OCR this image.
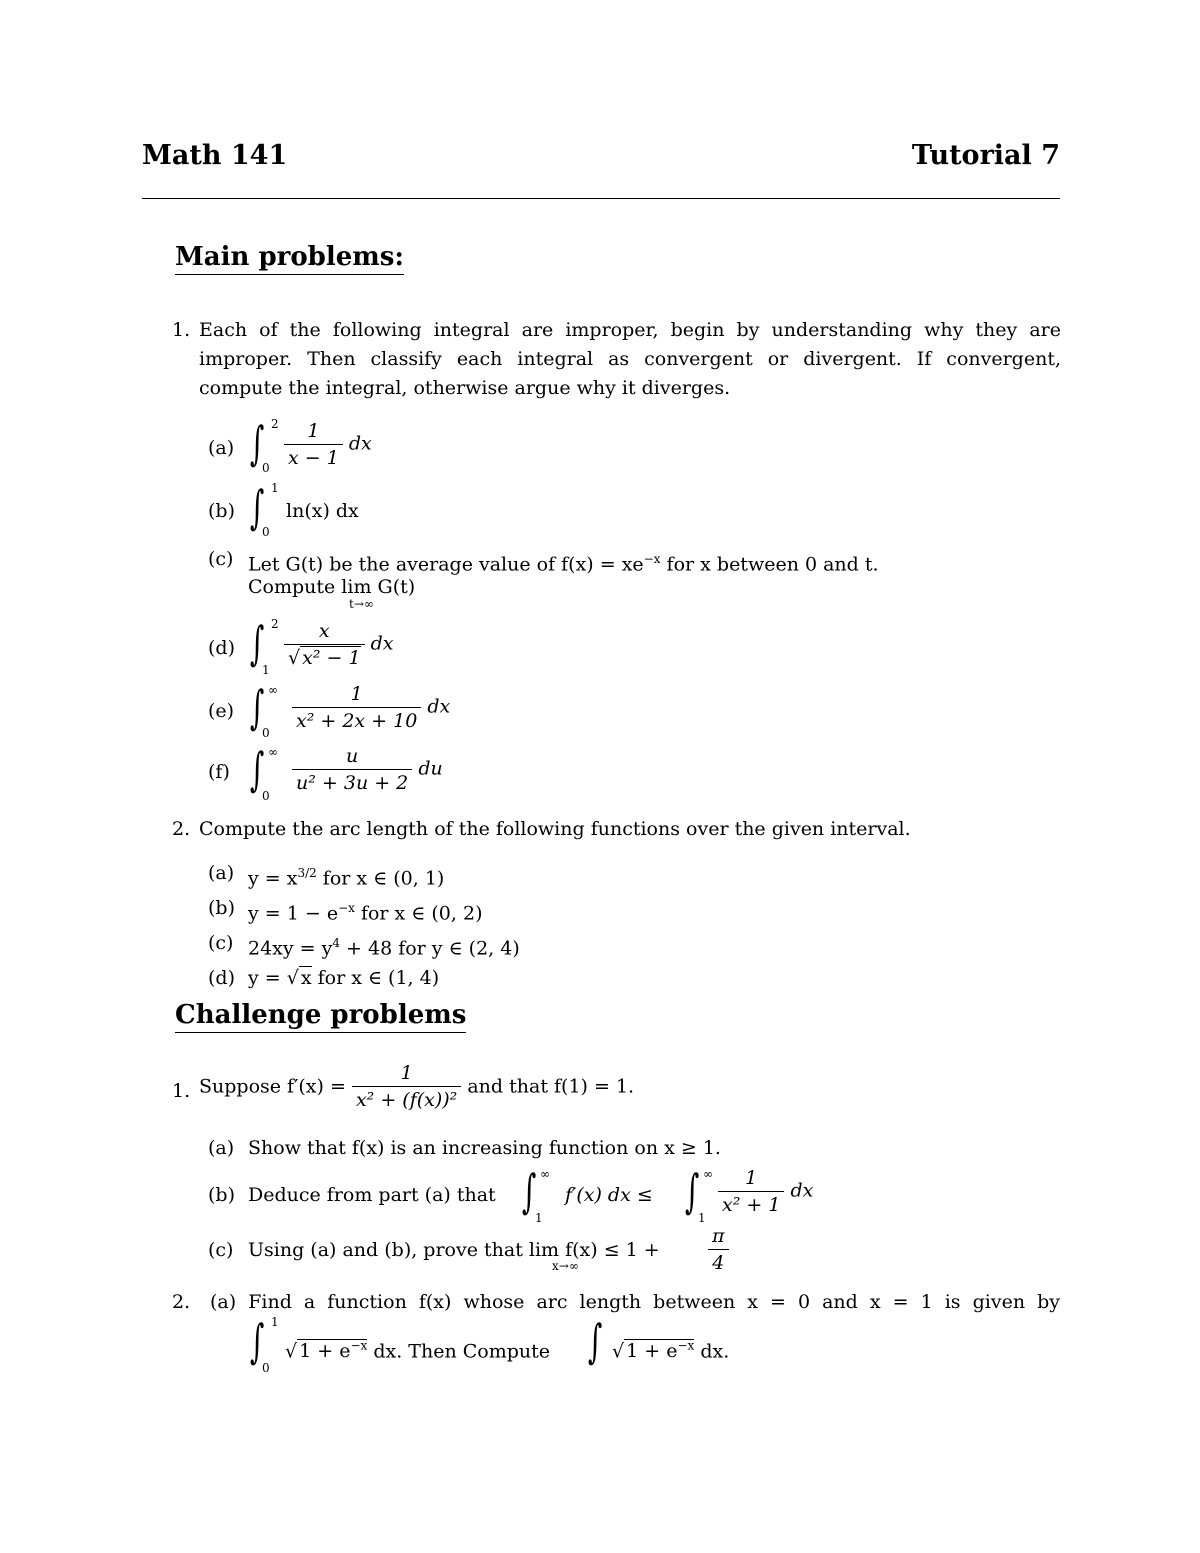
Math 141	Tutorial 7
Main problems:
1. Each of the following integral are improper, begin by understanding why they are improper. Then classify each integral as convergent or divergent. If convergent, compute the integral, otherwise argue why it diverges.
(a) ∫ 2
$0 \frac{1}{x - 1}$ dx
(b) ∫ 1
0
ln(x) dx
(c) Let G(t) be the average value of $f(x) = xe^{-x}$ for x between 0 and t.
Compute lim G(t)
t→∞
(d) ∫ 2
$1 \frac{x}{\text{√ x² − 1}}$ dx
(e) ∫ ∞
$0 \frac{1}{\text{x² + 2x + 10}}$ dx
(f) ∫ ∞
$0 \frac{u}{\text{u² + 3u + 2}}$ du
2. Compute the arc length of the following functions over the given interval.
(a) $y = x^{3/2}$ for x ∈ (0, 1)
(b) $y = 1 - e^{-x}$ for x ∈ (0, 2)
(c) $24xy = y^4 + 48$ for y ∈ (2, 4)
(d) y = √ x for x ∈ (1, 4)
Challenge problems
1. Suppose $f'(x) = \frac{1}{\text{x² + (f(x))²}}$ and that f(1) = 1.
(a) Show that f(x) is an increasing function on x ≥ 1.
(b) Deduce from part (a) that ∫ ∞
1
f′(x) dx ≤ ∫ ∞
$1 \frac{1}{\text{x² + 1}}$ dx
(c) Using (a) and (b), prove that lim f(x) ≤ 1 +
x→∞	$\frac{\pi}{4}$
2. (a) Find a function f(x) whose arc length between x = 0 and x = 1 is given by
∫ 1
0
√ $1 + e^{-x}$ dx. Then Compute ∫ √ $1 + e^{-x}$ dx.
